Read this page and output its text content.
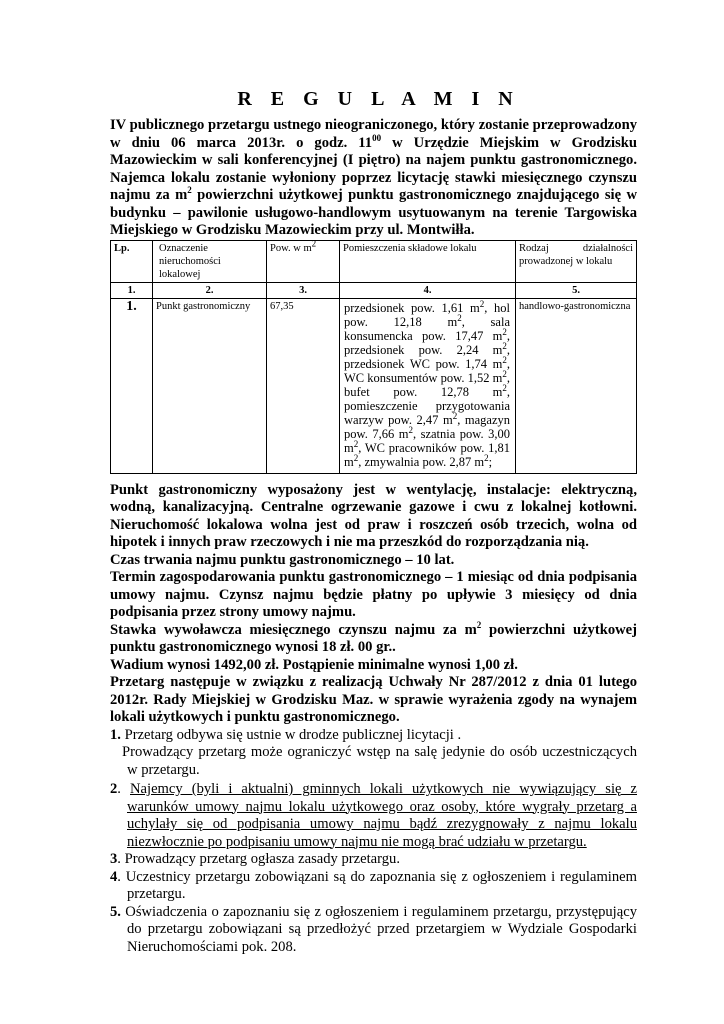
R E G U L A M I N

IV publicznego przetargu ustnego nieograniczonego, który zostanie przeprowadzony w dniu 06 marca 2013r. o godz. $11^{00}$ w Urzędzie Miejskim w Grodzisku Mazowieckim w sali konferencyjnej (I piętro) na najem punktu gastronomicznego. Najemca lokalu zostanie wyłoniony poprzez licytację stawki miesięcznego czynszu najmu za $m^2$ powierzchni użytkowej punktu gastronomicznego znajdującego się w budynku – pawilonie usługowo-handlowym usytuowanym na terenie Targowiska Miejskiego w Grodzisku Mazowieckim przy ul. Montwiłła.

Lp.	Oznaczenie nieruchomości lokalowej	Pow. w $m^2$	Pomieszczenia składowe lokalu	Rodzaj działalności prowadzonej w lokalu
1.	2.	3.	4.	5.
1.	Punkt gastronomiczny	67,35	przedsionek pow. 1,61 $m^2$, hol pow. 12,18 $m^2$, sala konsumencka pow. 17,47 $m^2$, przedsionek pow. 2,24 $m^2$, przedsionek WC pow. 1,74 $m^2$, WC konsumentów pow. 1,52 $m^2$, bufet pow. 12,78 $m^2$, pomieszczenie przygotowania warzyw pow. 2,47 $m^2$, magazyn pow. 7,66 $m^2$, szatnia pow. 3,00 $m^2$, WC pracowników pow. 1,81 $m^2$, zmywalnia pow. 2,87 $m^2$;	handlowo-gastronomiczna

Punkt gastronomiczny wyposażony jest w wentylację, instalacje: elektryczną, wodną, kanalizacyjną. Centralne ogrzewanie gazowe i cwu z lokalnej kotłowni. Nieruchomość lokalowa wolna jest od praw i roszczeń osób trzecich, wolna od hipotek i innych praw rzeczowych i nie ma przeszkód do rozporządzania nią.

Czas trwania najmu punktu gastronomicznego – 10 lat.

Termin zagospodarowania punktu gastronomicznego – 1 miesiąc od dnia podpisania umowy najmu. Czynsz najmu będzie płatny po upływie 3 miesięcy od dnia podpisania przez strony umowy najmu.

Stawka wywoławcza miesięcznego czynszu najmu za $m^2$ powierzchni użytkowej punktu gastronomicznego wynosi 18 zł. 00 gr..

Wadium wynosi 1492,00 zł. Postąpienie minimalne wynosi 1,00 zł.

Przetarg następuje w związku z realizacją Uchwały Nr 287/2012 z dnia 01 lutego 2012r. Rady Miejskiej w Grodzisku Maz. w sprawie wyrażenia zgody na wynajem lokali użytkowych i punktu gastronomicznego.

1. Przetarg odbywa się ustnie w drodze publicznej licytacji .

Prowadzący przetarg może ograniczyć wstęp na salę jedynie do osób uczestniczących w przetargu.

2. Najemcy (byli i aktualni) gminnych lokali użytkowych nie wywiązujący się z warunków umowy najmu lokalu użytkowego oraz osoby, które wygrały przetarg a uchylały się od podpisania umowy najmu bądź zrezygnowały z najmu lokalu niezwłocznie po podpisaniu umowy najmu nie mogą brać udziału w przetargu.

3. Prowadzący przetarg ogłasza zasady przetargu.

4. Uczestnicy przetargu zobowiązani są do zapoznania się z ogłoszeniem i regulaminem przetargu.

5. Oświadczenia o zapoznaniu się z ogłoszeniem i regulaminem przetargu, przystępujący do przetargu zobowiązani są przedłożyć przed przetargiem w Wydziale Gospodarki Nieruchomościami pok. 208.
